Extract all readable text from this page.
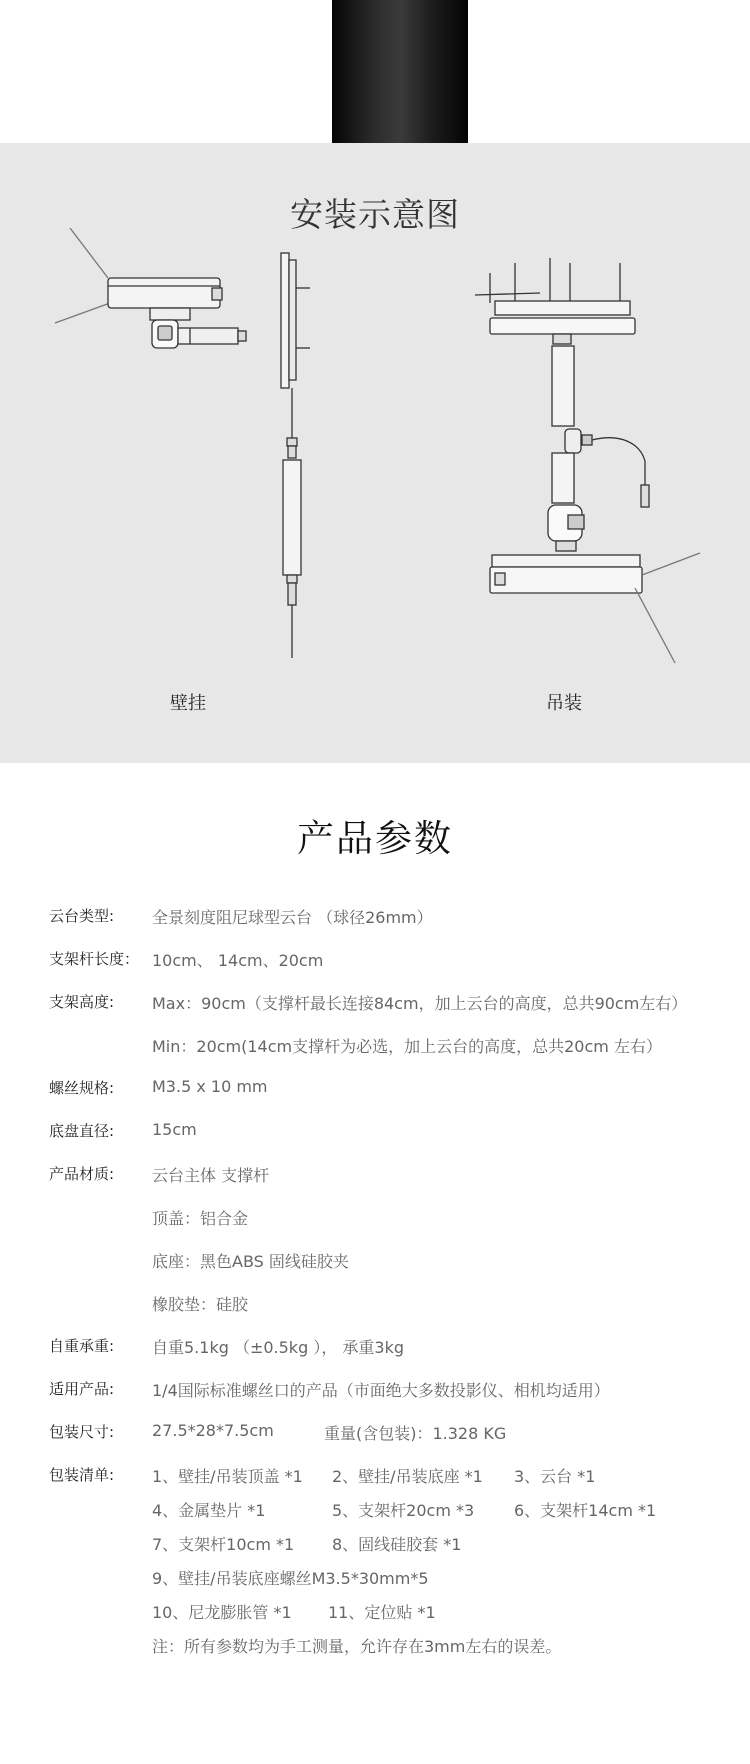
安装示意图
壁挂	吊装
产品参数
云台类型: 全景刻度阻尼球型云台 （球径26mm）
支架杆长度： 10cm、 14cm、20cm
支架高度: Max：90cm（支撑杆最长连接84cm，加上云台的高度，总共90cm左右）
Min：20cm(14cm支撑杆为必选，加上云台的高度，总共20cm 左右）
螺丝规格: M3.5 x 10 mm
底盘直径: 15cm
产品材质: 云台主体 支撑杆
顶盖：铝合金
底座：黑色ABS 固线硅胶夹
橡胶垫：硅胶
自重承重: 自重5.1kg （±0.5kg ）， 承重3kg
适用产品: 1/4国际标准螺丝口的产品（市面绝大多数投影仪、相机均适用）
包装尺寸: 27.5*28*7.5cm	重量(含包装)：1.328 KG
包装清单: 1、壁挂/吊装顶盖 *1 2、壁挂/吊装底座 *1 3、云台 *1
4、金属垫片 *1	5、支架杆20cm *3 6、支架杆14cm *1
7、支架杆10cm *1 8、固线硅胶套 *1
9、壁挂/吊装底座螺丝M3.5*30mm*5
10、尼龙膨胀管 *1 11、定位贴 *1
注：所有参数均为手工测量，允许存在3mm左右的误差。
